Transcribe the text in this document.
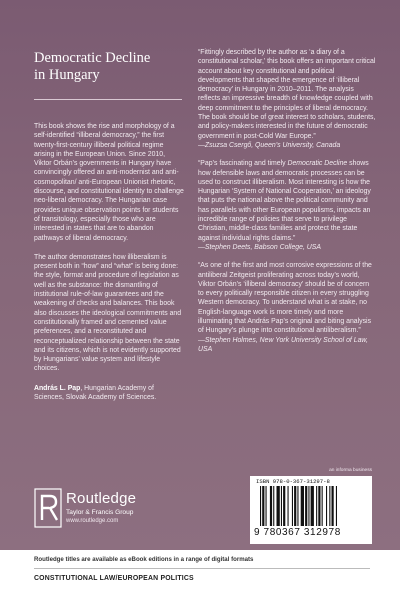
Democratic Decline
in Hungary

This book shows the rise and morphology of a self-identified “illiberal democracy,” the first twenty-first-century illiberal political regime arising in the European Union. Since 2010, Viktor Orbán’s governments in Hungary have convincingly offered an anti-modernist and anti-cosmopolitan/ anti-European Unionist rhetoric, discourse, and constitutional identity to challenge neo-liberal democracy. The Hungarian case provides unique observation points for students of transitology, especially those who are interested in states that are to abandon pathways of liberal democracy.

The author demonstrates how illiberalism is present both in “how” and “what” is being done: the style, format and procedure of legislation as well as the substance: the dismantling of institutional rule-of-law guarantees and the weakening of checks and balances. This book also discusses the ideological commitments and constitutionally framed and cemented value preferences, and a reconstituted and reconceptualized relationship between the state and its citizens, which is not evidently supported by Hungarians’ value system and lifestyle choices.

András L. Pap, Hungarian Academy of Sciences, Slovak Academy of Sciences.

“Fittingly described by the author as ‘a diary of a constitutional scholar,’ this book offers an important critical account about key constitutional and political developments that shaped the emergence of ‘illiberal democracy’ in Hungary in 2010–2011. The analysis reflects an impressive breadth of knowledge coupled with deep commitment to the principles of liberal democracy. The book should be of great interest to scholars, students, and policy-makers interested in the future of democratic government in post-Cold War Europe.”
—Zsuzsa Csergő, Queen’s University, Canada
“Pap’s fascinating and timely Democratic Decline shows how defensible laws and democratic processes can be used to construct illiberalism. Most interesting is how the Hungarian ‘System of National Cooperation,’ an ideology that puts the national above the political community and has parallels with other European populisms, impacts an incredible range of policies that serve to privilege Christian, middle-class families and protect the state against individual rights claims.”
—Stephen Deets, Babson College, USA
“As one of the first and most corrosive expressions of the antiliberal Zeitgeist proliferating across today’s world, Viktor Orbán’s ‘illiberal democracy’ should be of concern to every politically responsible citizen in every struggling Western democracy. To understand what is at stake, no English-language work is more timely and more illuminating that András Pap’s original and biting analysis of Hungary’s plunge into constitutional antiliberalism.”
—Stephen Holmes, New York University School of Law, USA
Routledge
Taylor & Francis Group
www.routledge.com
an informa business
ISBN 978-0-367-31297-8
9 780367 312978
Routledge titles are available as eBook editions in a range of digital formats
CONSTITUTIONAL LAW/EUROPEAN POLITICS
